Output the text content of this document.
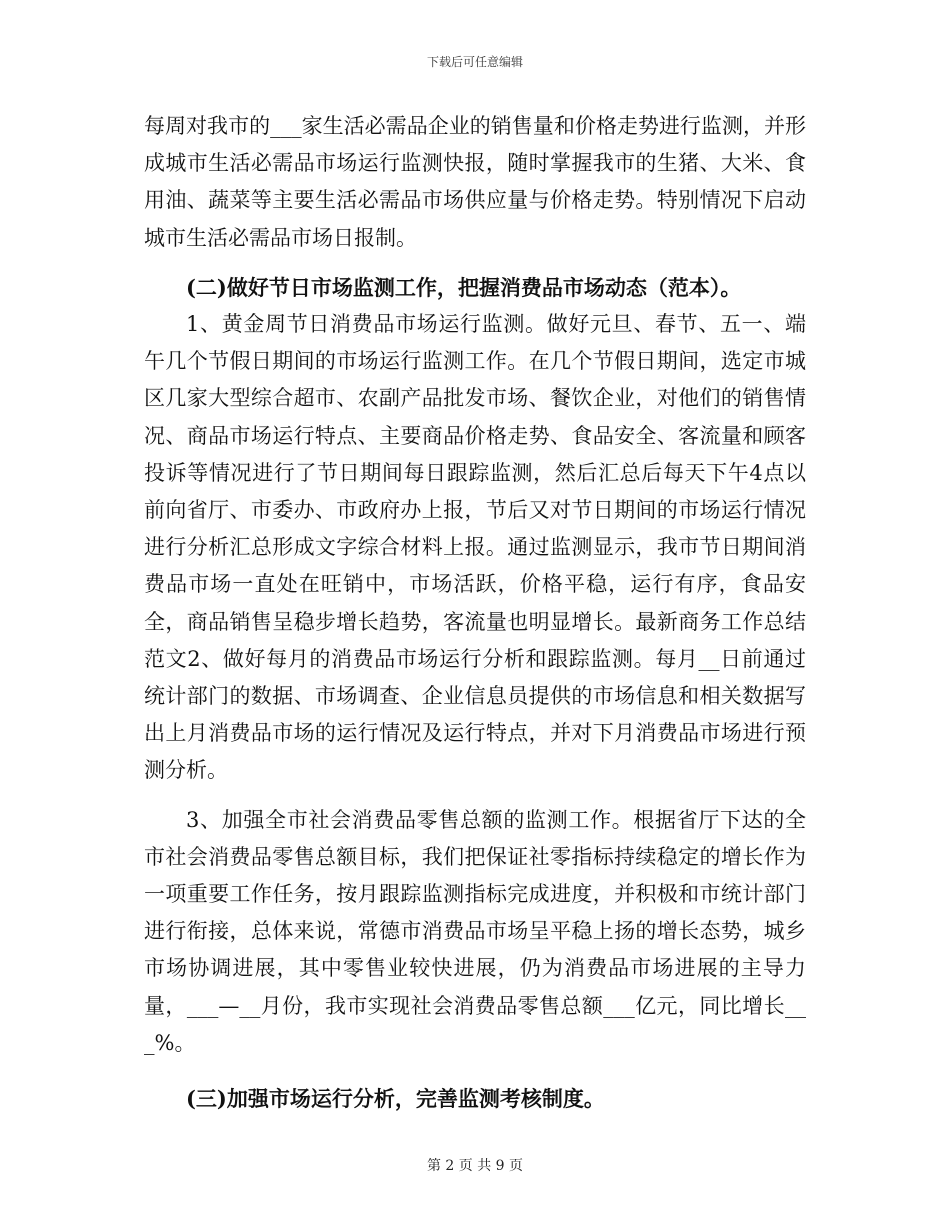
下载后可任意编辑

每周对我市的___家生活必需品企业的销售量和价格走势进行监测，并形成城市生活必需品市场运行监测快报，随时掌握我市的生猪、大米、食用油、蔬菜等主要生活必需品市场供应量与价格走势。特别情况下启动城市生活必需品市场日报制。

(二)做好节日市场监测工作，把握消费品市场动态（范本）。

1、黄金周节日消费品市场运行监测。做好元旦、春节、五一、端午几个节假日期间的市场运行监测工作。在几个节假日期间，选定市城区几家大型综合超市、农副产品批发市场、餐饮企业，对他们的销售情况、商品市场运行特点、主要商品价格走势、食品安全、客流量和顾客投诉等情况进行了节日期间每日跟踪监测，然后汇总后每天下午4点以前向省厅、市委办、市政府办上报，节后又对节日期间的市场运行情况进行分析汇总形成文字综合材料上报。通过监测显示，我市节日期间消费品市场一直处在旺销中，市场活跃，价格平稳，运行有序，食品安全，商品销售呈稳步增长趋势，客流量也明显增长。最新商务工作总结范文2、做好每月的消费品市场运行分析和跟踪监测。每月__日前通过统计部门的数据、市场调查、企业信息员提供的市场信息和相关数据写出上月消费品市场的运行情况及运行特点，并对下月消费品市场进行预测分析。

3、加强全市社会消费品零售总额的监测工作。根据省厅下达的全市社会消费品零售总额目标，我们把保证社零指标持续稳定的增长作为一项重要工作任务，按月跟踪监测指标完成进度，并积极和市统计部门进行衔接，总体来说，常德市消费品市场呈平稳上扬的增长态势，城乡市场协调进展，其中零售业较快进展，仍为消费品市场进展的主导力量，___—__月份，我市实现社会消费品零售总额___亿元，同比增长___%。

(三)加强市场运行分析，完善监测考核制度。

第 2 页 共 9 页
